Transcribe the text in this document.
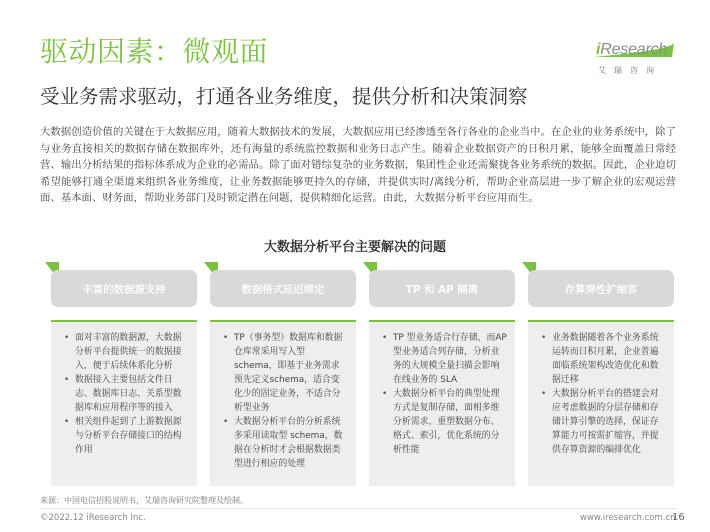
驱动因素：微观面	iResearch
艾瑞咨询
受业务需求驱动，打通各业务维度，提供分析和决策洞察

大数据创造价值的关键在于大数据应用，随着大数据技术的发展，大数据应用已经渗透至各行各业的企业当中。在企业的业务系统中，除了与业务直接相关的数据存储在数据库外，还有海量的系统监控数据和业务日志产生。随着企业数据资产的日积月累，能够全面覆盖日常经营、输出分析结果的指标体系成为企业的必需品。除了面对错综复杂的业务数据，集团性企业还需聚拢各业务系统的数据。因此，企业迫切希望能够打通全渠道来组织各业务维度，让业务数据能够更持久的存储，并提供实时/离线分析，帮助企业高层进一步了解企业的宏观运营面、基本面、财务面，帮助业务部门及时锁定潜在问题，提供精细化运营。由此，大数据分析平台应用而生。

大数据分析平台主要解决的问题
丰富的数据源支持
• 面对丰富的数据源，大数据分析平台提供统一的数据接入，便于后续体系化分析
• 数据接入主要包括文件日志、数据库日志、关系型数据库和应用程序等的接入
• 相关组件起到了上游数据源与分析平台存储接口的结构作用
数据格式延迟绑定
• TP（事务型）数据库和数据仓库常采用写入型 schema，即基于业务需求预先定义schema，适合变化少的固定业务，不适合分析型业务
• 大数据分析平台的分析系统多采用读取型 schema，数据在分析时才会根据数据类型进行相应的处理
TP 和 AP 隔离
• TP 型业务适合行存储，而AP 型业务适合列存储，分析业务的大规模全量扫描会影响在线业务的 SLA
• 大数据分析平台的典型处理方式是复制存储，面相多维分析需求，重塑数据分布、格式、索引，优化系统的分析性能
存算弹性扩缩容
• 业务数据随着各个业务系统运转而日积月累，企业普遍面临系统架构改造优化和数据迁移
• 大数据分析平台的搭建会对应考虑数据的分层存储和存储计算引擎的选择，保证存算能力可按需扩缩容，并提供存算资源的编排优化
来源：中国电信招股说明书，艾瑞咨询研究院整理及绘制。
©2022.12 iResearch Inc.	www.iresearch.com.cn
16
